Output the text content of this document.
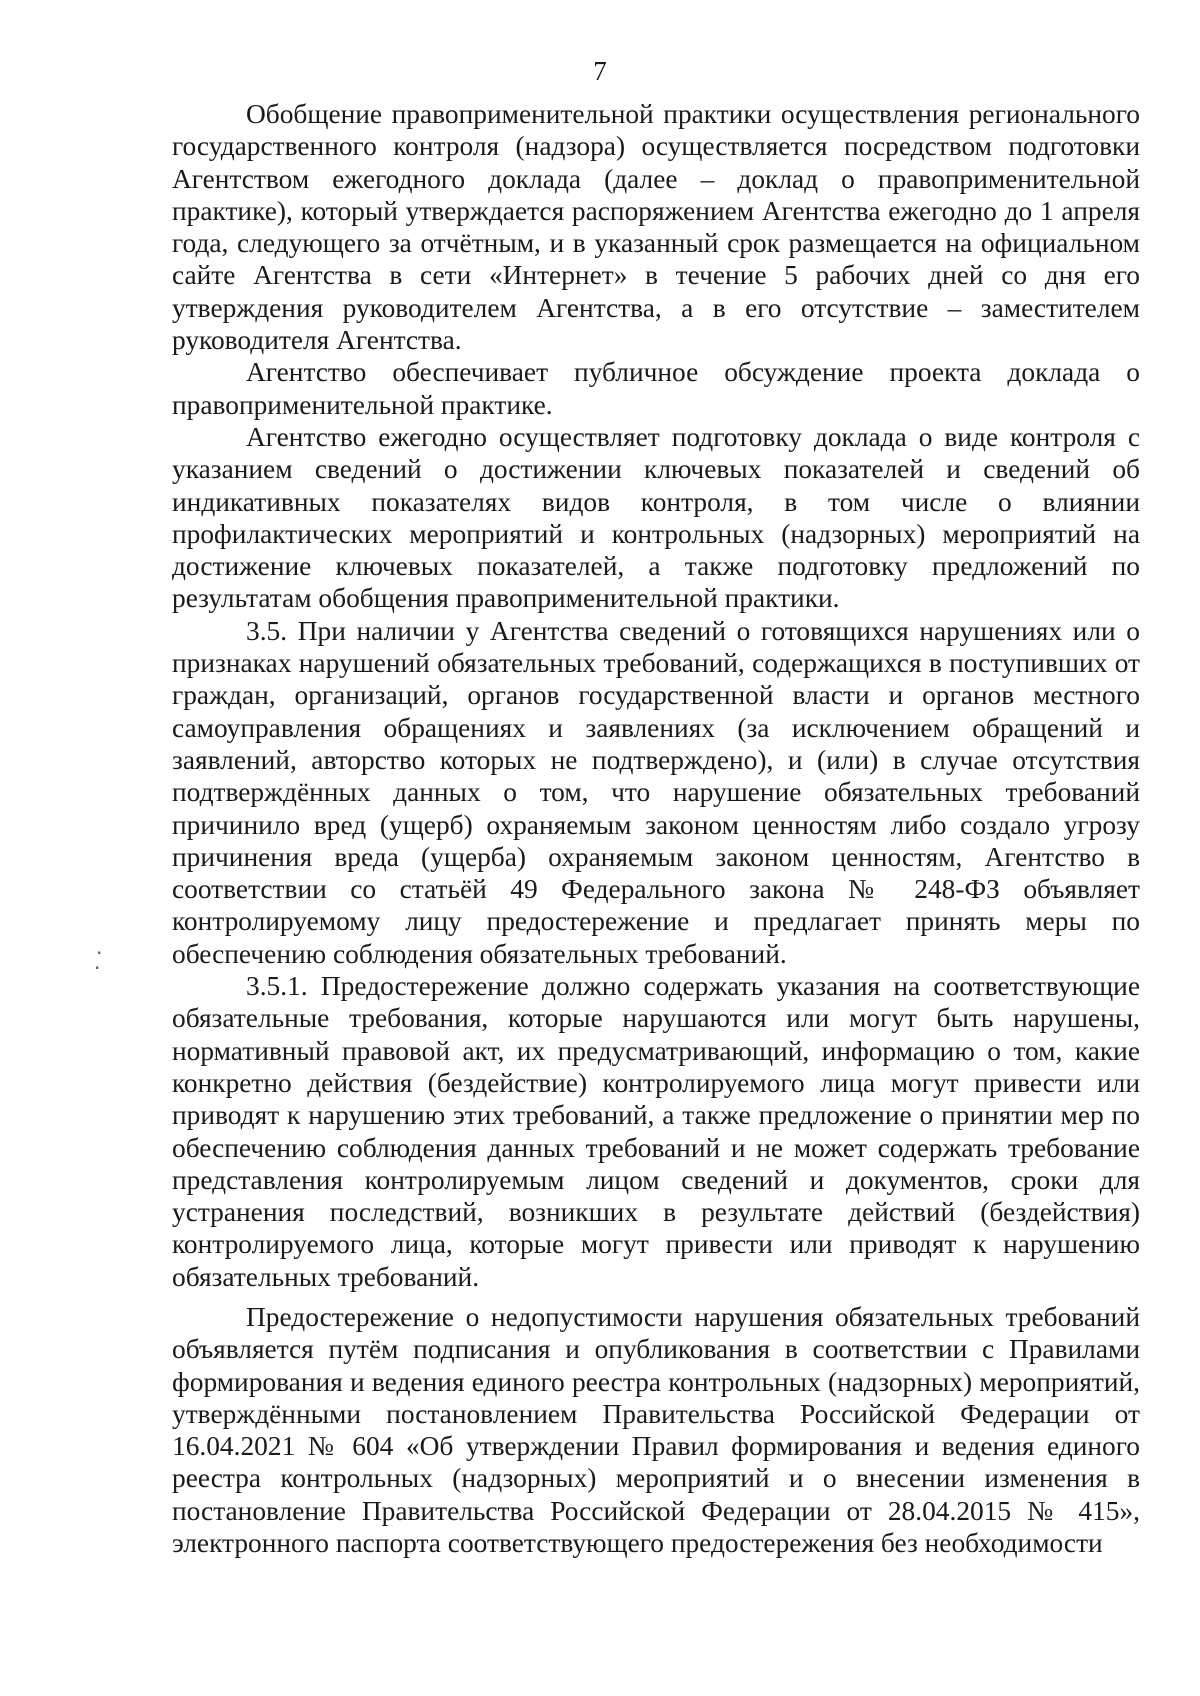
7
.
.

Обобщение правоприменительной практики осуществления регионального государственного контроля (надзора) осуществляется посредством подготовки Агентством ежегодного доклада (далее – доклад о правоприменительной практике), который утверждается распоряжением Агентства ежегодно до 1 апреля года, следующего за отчётным, и в указанный срок размещается на официальном сайте Агентства в сети «Интернет» в течение 5 рабочих дней со дня его утверждения руководителем Агентства, а в его отсутствие – заместителем руководителя Агентства.

Агентство обеспечивает публичное обсуждение проекта доклада о правоприменительной практике.

Агентство ежегодно осуществляет подготовку доклада о виде контроля с указанием сведений о достижении ключевых показателей и сведений об индикативных показателях видов контроля, в том числе о влиянии профилактических мероприятий и контрольных (надзорных) мероприятий на достижение ключевых показателей, а также подготовку предложений по результатам обобщения правоприменительной практики.

3.5. При наличии у Агентства сведений о готовящихся нарушениях или о признаках нарушений обязательных требований, содержащихся в поступивших от граждан, организаций, органов государственной власти и органов местного самоуправления обращениях и заявлениях (за исключением обращений и заявлений, авторство которых не подтверждено), и (или) в случае отсутствия подтверждённых данных о том, что нарушение обязательных требований причинило вред (ущерб) охраняемым законом ценностям либо создало угрозу причинения вреда (ущерба) охраняемым законом ценностям, Агентство в соответствии со статьёй 49 Федерального закона № 248-ФЗ объявляет контролируемому лицу предостережение и предлагает принять меры по обеспечению соблюдения обязательных требований.

3.5.1. Предостережение должно содержать указания на соответствующие обязательные требования, которые нарушаются или могут быть нарушены, нормативный правовой акт, их предусматривающий, информацию о том, какие конкретно действия (бездействие) контролируемого лица могут привести или приводят к нарушению этих требований, а также предложение о принятии мер по обеспечению соблюдения данных требований и не может содержать требование представления контролируемым лицом сведений и документов, сроки для устранения последствий, возникших в результате действий (бездействия) контролируемого лица, которые могут привести или приводят к нарушению обязательных требований.

Предостережение о недопустимости нарушения обязательных требований объявляется путём подписания и опубликования в соответствии с Правилами формирования и ведения единого реестра контрольных (надзорных) мероприятий, утверждёнными постановлением Правительства Российской Федерации от 16.04.2021 № 604 «Об утверждении Правил формирования и ведения единого реестра контрольных (надзорных) мероприятий и о внесении изменения в постановление Правительства Российской Федерации от 28.04.2015 № 415», электронного паспорта соответствующего предостережения без необходимости
